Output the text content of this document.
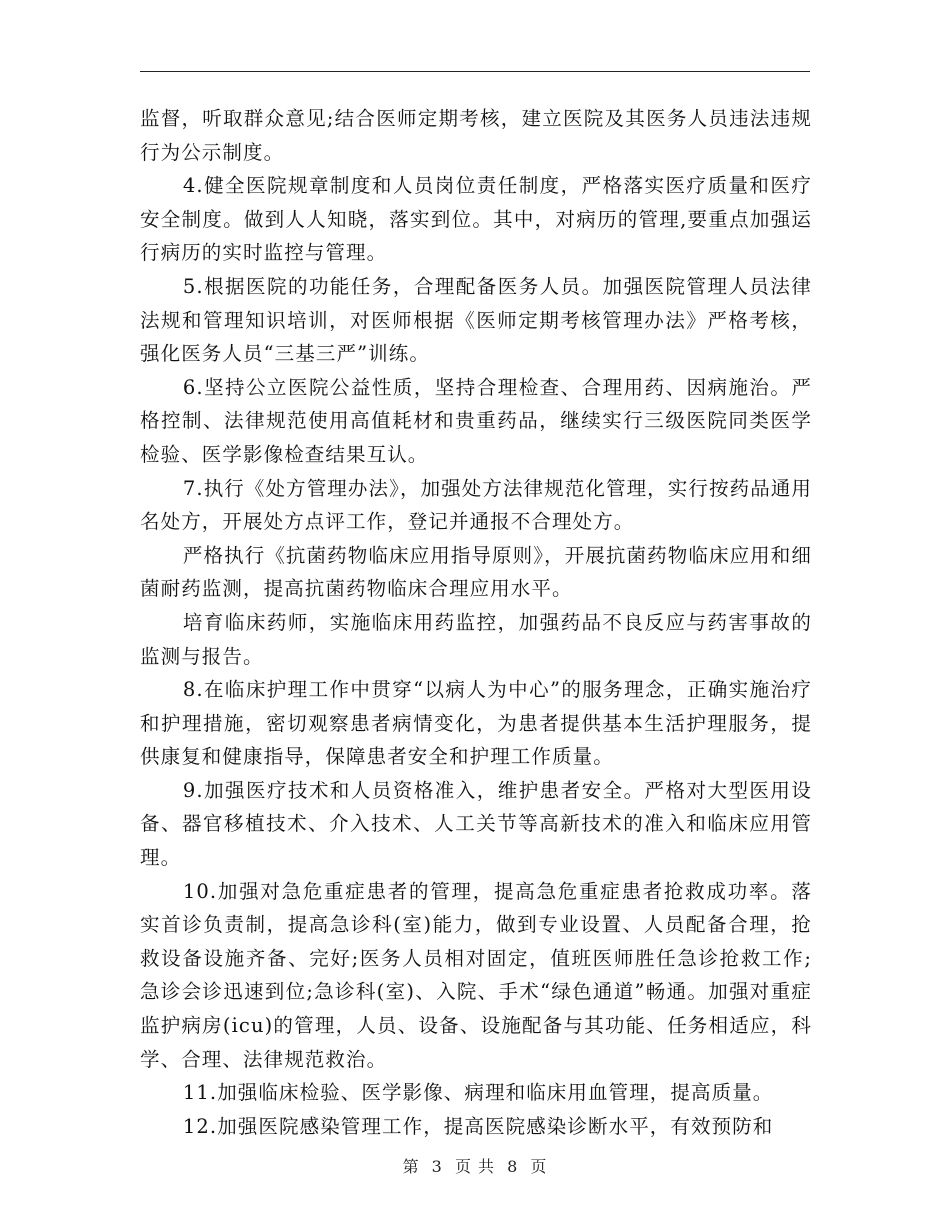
监督，听取群众意见;结合医师定期考核，建立医院及其医务人员违法违规行为公示制度。

4.健全医院规章制度和人员岗位责任制度，严格落实医疗质量和医疗安全制度。做到人人知晓，落实到位。其中，对病历的管理,要重点加强运行病历的实时监控与管理。

5.根据医院的功能任务，合理配备医务人员。加强医院管理人员法律法规和管理知识培训，对医师根据《医师定期考核管理办法》严格考核，强化医务人员“三基三严”训练。

6.坚持公立医院公益性质，坚持合理检查、合理用药、因病施治。严格控制、法律规范使用高值耗材和贵重药品，继续实行三级医院同类医学检验、医学影像检查结果互认。

7.执行《处方管理办法》，加强处方法律规范化管理，实行按药品通用名处方，开展处方点评工作，登记并通报不合理处方。

严格执行《抗菌药物临床应用指导原则》，开展抗菌药物临床应用和细菌耐药监测，提高抗菌药物临床合理应用水平。

培育临床药师，实施临床用药监控，加强药品不良反应与药害事故的监测与报告。

8.在临床护理工作中贯穿“以病人为中心”的服务理念，正确实施治疗和护理措施，密切观察患者病情变化，为患者提供基本生活护理服务，提供康复和健康指导，保障患者安全和护理工作质量。

9.加强医疗技术和人员资格准入，维护患者安全。严格对大型医用设备、器官移植技术、介入技术、人工关节等高新技术的准入和临床应用管理。

10.加强对急危重症患者的管理，提高急危重症患者抢救成功率。落实首诊负责制，提高急诊科(室)能力，做到专业设置、人员配备合理，抢救设备设施齐备、完好;医务人员相对固定，值班医师胜任急诊抢救工作;急诊会诊迅速到位;急诊科(室)、入院、手术“绿色通道”畅通。加强对重症监护病房(icu)的管理，人员、设备、设施配备与其功能、任务相适应，科学、合理、法律规范救治。

11.加强临床检验、医学影像、病理和临床用血管理，提高质量。

12.加强医院感染管理工作，提高医院感染诊断水平，有效预防和

第 3 页 共 8 页
